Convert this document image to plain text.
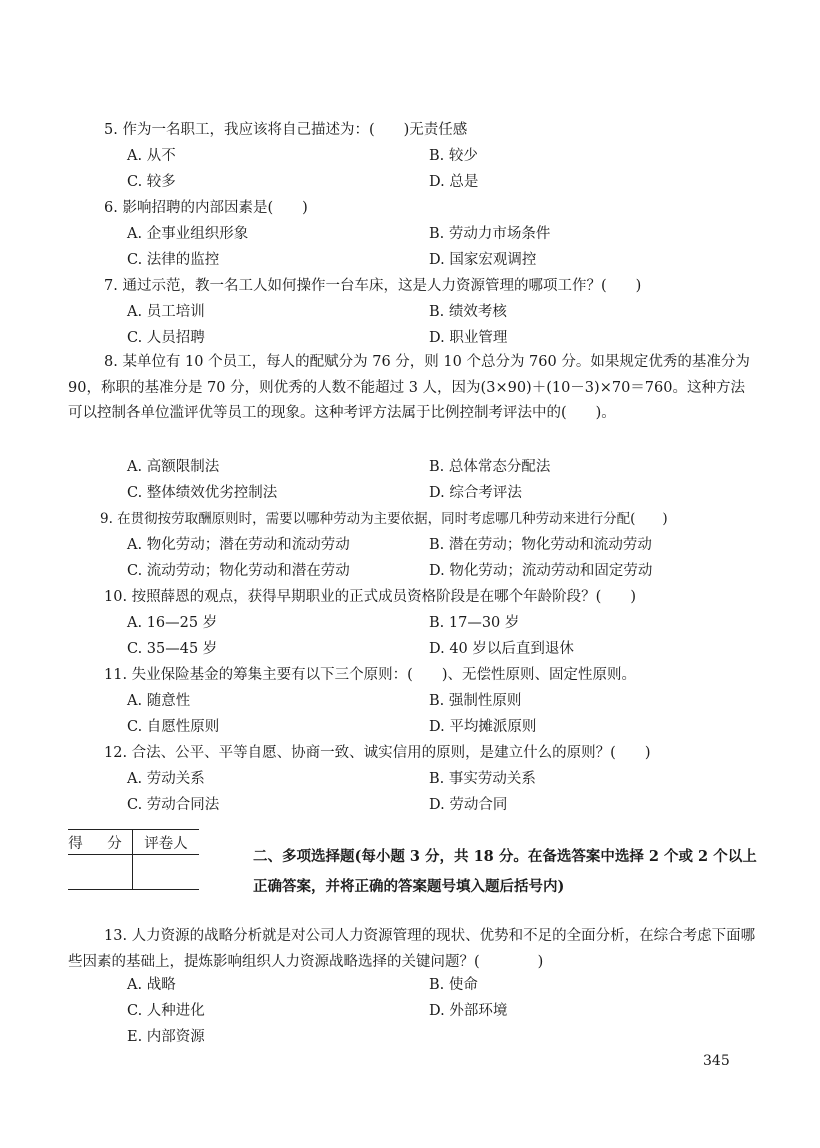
5. 作为一名职工，我应该将自己描述为：(　　)无责任感
A. 从不	B. 较少
C. 较多	D. 总是
6. 影响招聘的内部因素是(　　)
A. 企事业组织形象	B. 劳动力市场条件
C. 法律的监控	D. 国家宏观调控
7. 通过示范，教一名工人如何操作一台车床，这是人力资源管理的哪项工作？(　　)
A. 员工培训	B. 绩效考核
C. 人员招聘	D. 职业管理
8. 某单位有 10 个员工，每人的配赋分为 76 分，则 10 个总分为 760 分。如果规定优秀的基准分为 90，称职的基准分是 70 分，则优秀的人数不能超过 3 人，因为(3×90)＋(10－3)×70＝760。这种方法可以控制各单位滥评优等员工的现象。这种考评方法属于比例控制考评法中的(　　)。
A. 高额限制法	B. 总体常态分配法
C. 整体绩效优劣控制法	D. 综合考评法
9. 在贯彻按劳取酬原则时，需要以哪种劳动为主要依据，同时考虑哪几种劳动来进行分配(　　)
A. 物化劳动；潜在劳动和流动劳动	B. 潜在劳动；物化劳动和流动劳动
C. 流动劳动；物化劳动和潜在劳动	D. 物化劳动；流动劳动和固定劳动
10. 按照薛恩的观点，获得早期职业的正式成员资格阶段是在哪个年龄阶段？(　　)
A. 16—25 岁	B. 17—30 岁
C. 35—45 岁	D. 40 岁以后直到退休
11. 失业保险基金的筹集主要有以下三个原则：(　　)、无偿性原则、固定性原则。
A. 随意性	B. 强制性原则
C. 自愿性原则	D. 平均摊派原则
12. 合法、公平、平等自愿、协商一致、诚实信用的原则，是建立什么的原则？(　　)
A. 劳动关系	B. 事实劳动关系
C. 劳动合同法	D. 劳动合同
得 分	评卷人

二、多项选择题(每小题 3 分，共 18 分。在备选答案中选择 2 个或 2 个以上正确答案，并将正确的答案题号填入题后括号内)
13. 人力资源的战略分析就是对公司人力资源管理的现状、优势和不足的全面分析，在综合考虑下面哪些因素的基础上，提炼影响组织人力资源战略选择的关键问题？(　　　　)
A. 战略	B. 使命
C. 人种进化	D. 外部环境
E. 内部资源
345
